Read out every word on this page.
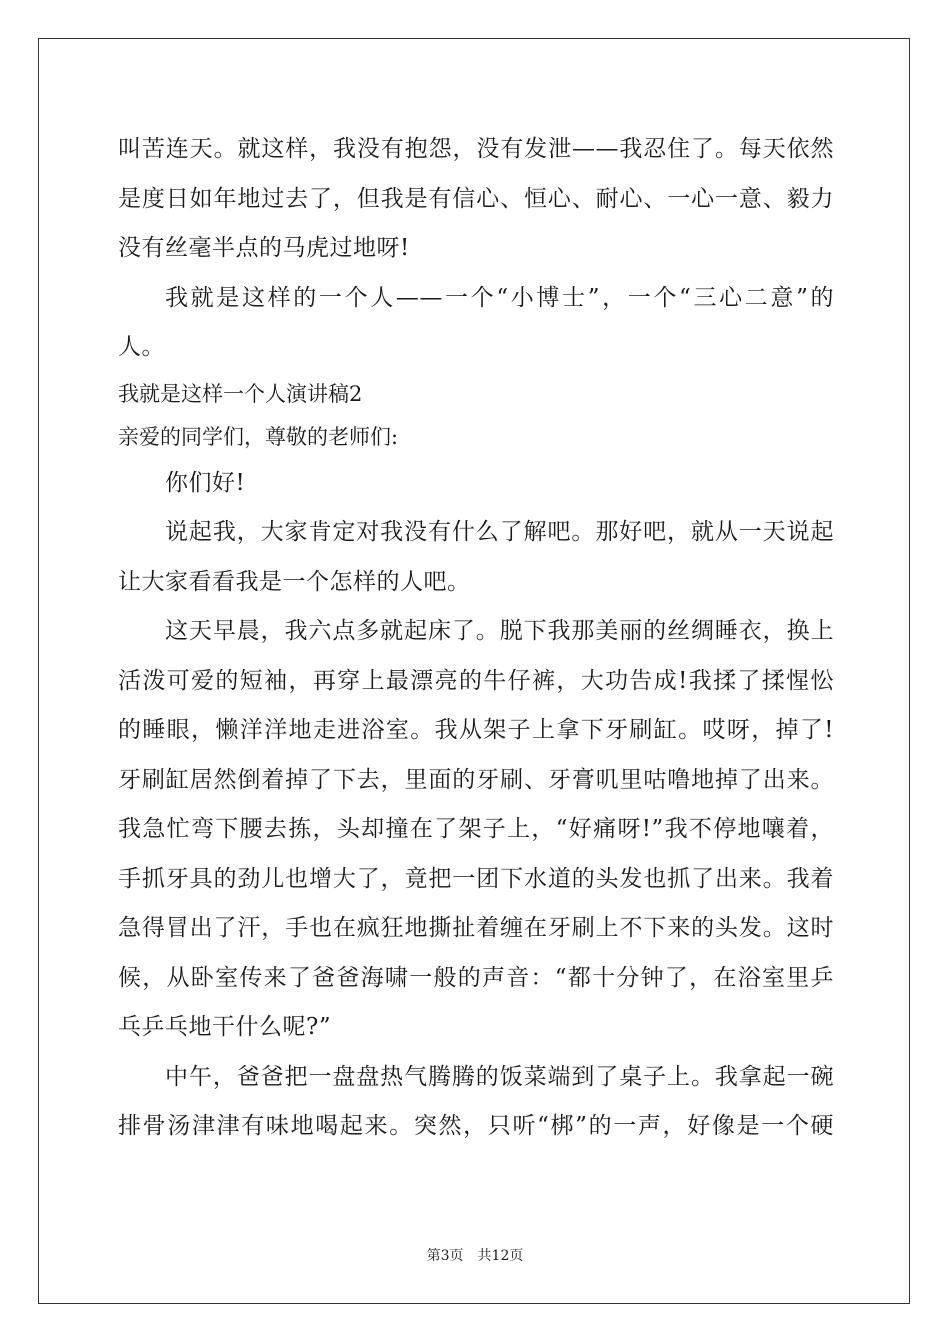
叫苦连天。就这样，我没有抱怨，没有发泄——我忍住了。每天依然
是度日如年地过去了，但我是有信心、恒心、耐心、一心一意、毅力
没有丝毫半点的马虎过地呀!
我就是这样的一个人——一个“小博士”，一个“三心二意”的
人。
我就是这样一个人演讲稿2
亲爱的同学们，尊敬的老师们:
你们好!
说起我，大家肯定对我没有什么了解吧。那好吧，就从一天说起
让大家看看我是一个怎样的人吧。
这天早晨，我六点多就起床了。脱下我那美丽的丝绸睡衣，换上
活泼可爱的短袖，再穿上最漂亮的牛仔裤，大功告成!我揉了揉惺忪
的睡眼，懒洋洋地走进浴室。我从架子上拿下牙刷缸。哎呀，掉了!
牙刷缸居然倒着掉了下去，里面的牙刷、牙膏叽里咕噜地掉了出来。
我急忙弯下腰去拣，头却撞在了架子上，“好痛呀!”我不停地嚷着，
手抓牙具的劲儿也增大了，竟把一团下水道的头发也抓了出来。我着
急得冒出了汗，手也在疯狂地撕扯着缠在牙刷上不下来的头发。这时
候，从卧室传来了爸爸海啸一般的声音：“都十分钟了，在浴室里乒
乓乒乓地干什么呢?”
中午，爸爸把一盘盘热气腾腾的饭菜端到了桌子上。我拿起一碗
排骨汤津津有味地喝起来。突然，只听“梆”的一声，好像是一个硬
第3页 共12页
